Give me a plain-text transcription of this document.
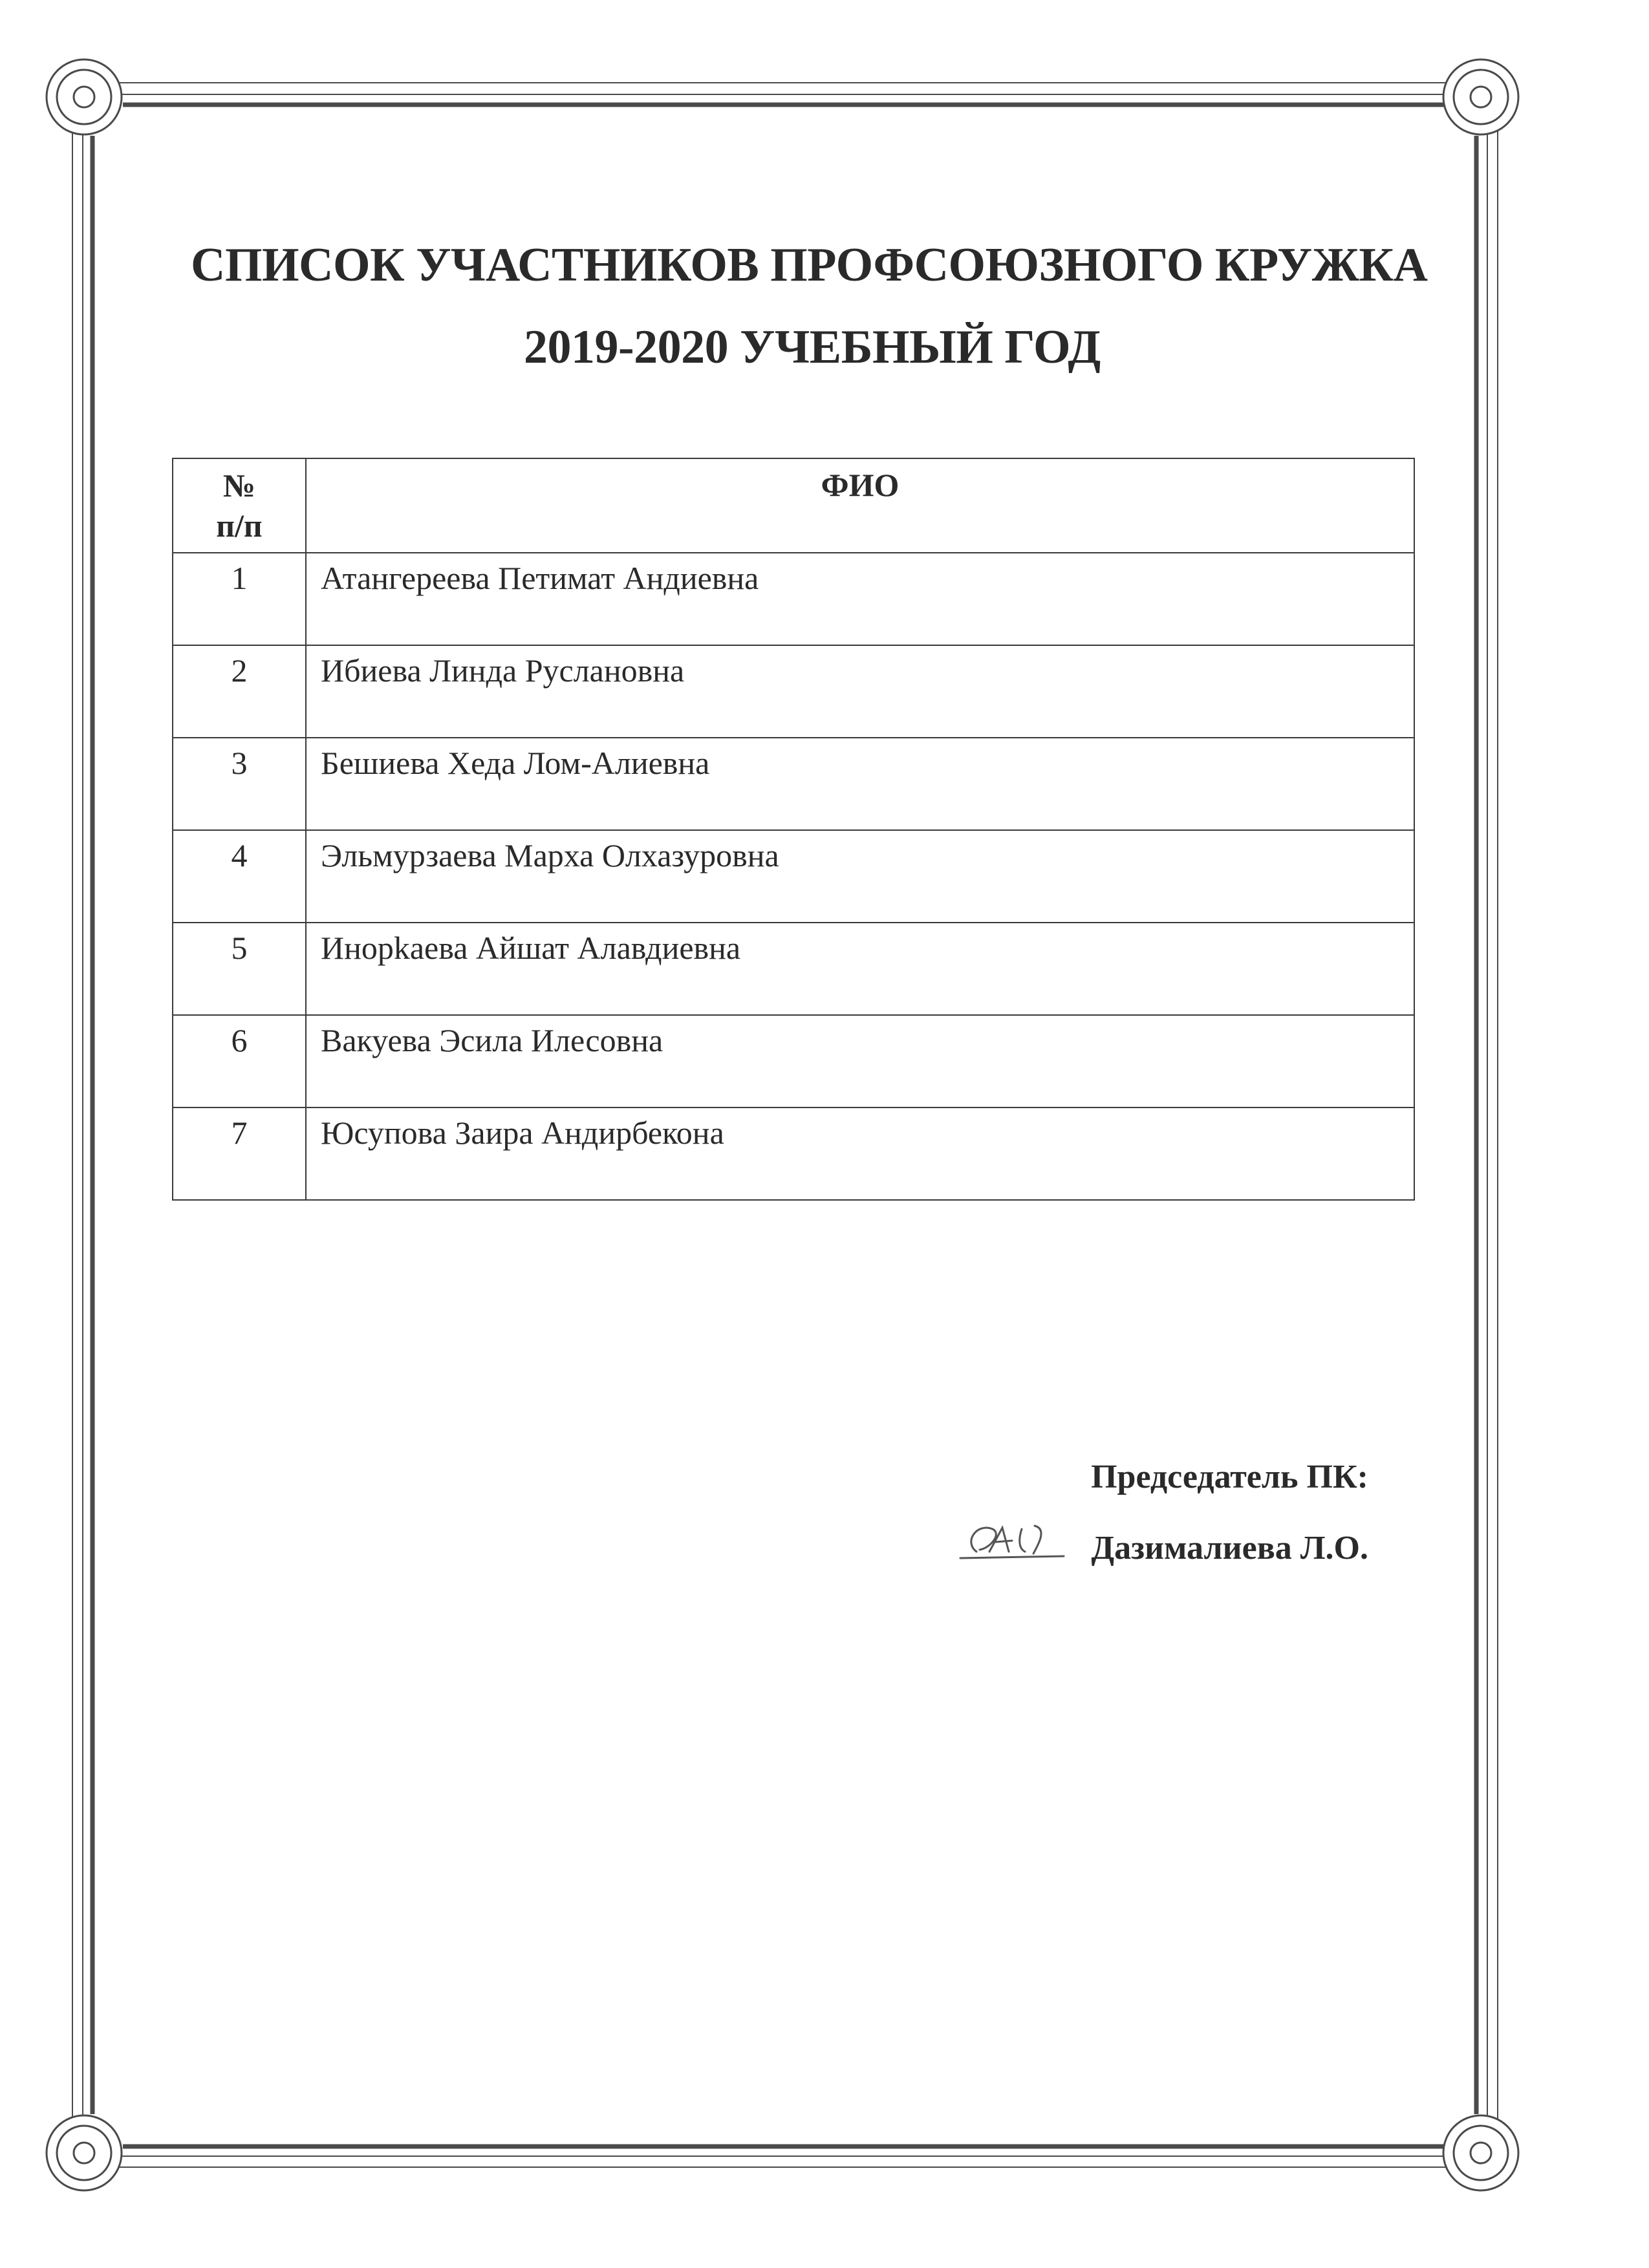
СПИСОК УЧАСТНИКОВ ПРОФСОЮЗНОГО КРУЖКА
2019-2020 УЧЕБНЫЙ ГОД
№
п/п	ФИО
1	Атангереева Петимат Андиевна
2	Ибиева Линда Руслановна
3	Бешиева Хеда Лом-Алиевна
4	Эльмурзаева Марха Олхазуровна
5	Инорkaева Айшат Алавдиевна
6	Вакуева Эсила Илесовна
7	Юсупова Заира Андирбекона
Председатель ПК:
Дазималиева Л.О.
